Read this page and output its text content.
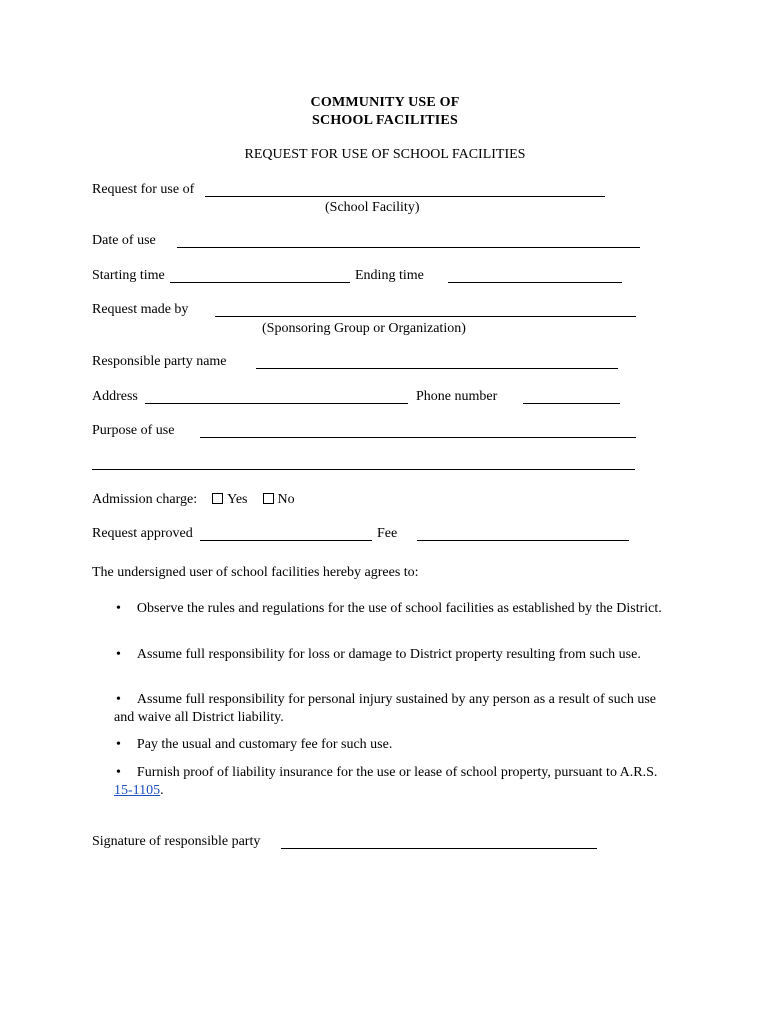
COMMUNITY USE OF
SCHOOL FACILITIES
REQUEST FOR USE OF SCHOOL FACILITIES
Request for use of
(School Facility)
Date of use
Starting time	Ending time
Request made by
(Sponsoring Group or Organization)
Responsible party name
Address	Phone number
Purpose of use
Admission charge: Yes No
Request approved	Fee
The undersigned user of school facilities hereby agrees to:
• Observe the rules and regulations for the use of school facilities as established by the District.
• Assume full responsibility for loss or damage to District property resulting from such use.
• Assume full responsibility for personal injury sustained by any person as a result of such use and waive all District liability.
• Pay the usual and customary fee for such use.
• Furnish proof of liability insurance for the use or lease of school property, pursuant to A.R.S. 15-1105.
Signature of responsible party
